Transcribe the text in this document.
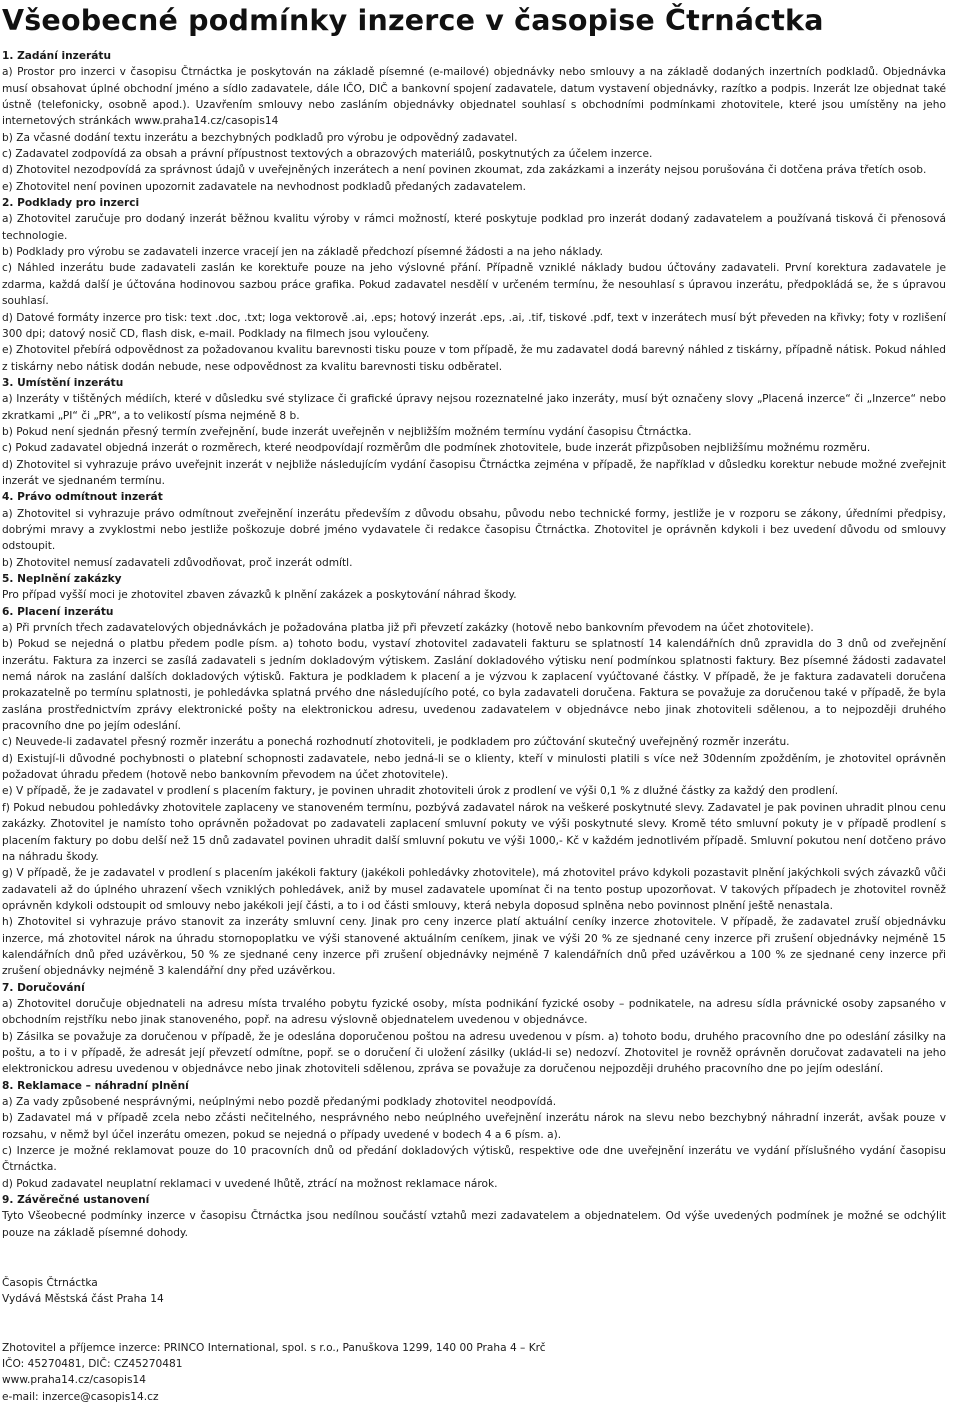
Všeobecné podmínky inzerce v časopise Čtrnáctka

1. Zadání inzerátu

a) Prostor pro inzerci v časopisu Čtrnáctka je poskytován na základě písemné (e-mailové) objednávky nebo smlouvy a na základě dodaných inzertních podkladů. Objednávka musí obsahovat úplné obchodní jméno a sídlo zadavatele, dále IČO, DIČ a bankovní spojení zadavatele, datum vystavení objednávky, razítko a podpis. Inzerát lze objednat také ústně (telefonicky, osobně apod.). Uzavřením smlouvy nebo zasláním objednávky objednatel souhlasí s obchodními podmínkami zhotovitele, které jsou umístěny na jeho internetových stránkách www.praha14.cz/casopis14

b) Za včasné dodání textu inzerátu a bezchybných podkladů pro výrobu je odpovědný zadavatel.

c) Zadavatel zodpovídá za obsah a právní přípustnost textových a obrazových materiálů, poskytnutých za účelem inzerce.

d) Zhotovitel nezodpovídá za správnost údajů v uveřejněných inzerátech a není povinen zkoumat, zda zakázkami a inzeráty nejsou porušována či dotčena práva třetích osob.

e) Zhotovitel není povinen upozornit zadavatele na nevhodnost podkladů předaných zadavatelem.

2. Podklady pro inzerci

a) Zhotovitel zaručuje pro dodaný inzerát běžnou kvalitu výroby v rámci možností, které poskytuje podklad pro inzerát dodaný zadavatelem a používaná tisková či přenosová technologie.

b) Podklady pro výrobu se zadavateli inzerce vracejí jen na základě předchozí písemné žádosti a na jeho náklady.

c) Náhled inzerátu bude zadavateli zaslán ke korektuře pouze na jeho výslovné přání. Případně vzniklé náklady budou účtovány zadavateli. První korektura zadavatele je zdarma, každá další je účtována hodinovou sazbou práce grafika. Pokud zadavatel nesdělí v určeném termínu, že nesouhlasí s úpravou inzerátu, předpokládá se, že s úpravou souhlasí.

d) Datové formáty inzerce pro tisk: text .doc, .txt; loga vektorově .ai, .eps; hotový inzerát .eps, .ai, .tif, tiskové .pdf, text v inzerátech musí být převeden na křivky; foty v rozlišení 300 dpi; datový nosič CD, flash disk, e-mail. Podklady na filmech jsou vyloučeny.

e) Zhotovitel přebírá odpovědnost za požadovanou kvalitu barevnosti tisku pouze v tom případě, že mu zadavatel dodá barevný náhled z tiskárny, případně nátisk. Pokud náhled z tiskárny nebo nátisk dodán nebude, nese odpovědnost za kvalitu barevnosti tisku odběratel.

3. Umístění inzerátu

a) Inzeráty v tištěných médiích, které v důsledku své stylizace či grafické úpravy nejsou rozeznatelné jako inzeráty, musí být označeny slovy „Placená inzerce“ či „Inzerce“ nebo zkratkami „PI“ či „PR“, a to velikostí písma nejméně 8 b.

b) Pokud není sjednán přesný termín zveřejnění, bude inzerát uveřejněn v nejbližším možném termínu vydání časopisu Čtrnáctka.

c) Pokud zadavatel objedná inzerát o rozměrech, které neodpovídají rozměrům dle podmínek zhotovitele, bude inzerát přizpůsoben nejbližšímu možnému rozměru.

d) Zhotovitel si vyhrazuje právo uveřejnit inzerát v nejbliže následujícím vydání časopisu Čtrnáctka zejména v případě, že například v důsledku korektur nebude možné zveřejnit inzerát ve sjednaném termínu.

4. Právo odmítnout inzerát

a) Zhotovitel si vyhrazuje právo odmítnout zveřejnění inzerátu především z důvodu obsahu, původu nebo technické formy, jestliže je v rozporu se zákony, úředními předpisy, dobrými mravy a zvyklostmi nebo jestliže poškozuje dobré jméno vydavatele či redakce časopisu Čtrnáctka. Zhotovitel je oprávněn kdykoli i bez uvedení důvodu od smlouvy odstoupit.

b) Zhotovitel nemusí zadavateli zdůvodňovat, proč inzerát odmítl.

5. Neplnění zakázky

Pro případ vyšší moci je zhotovitel zbaven závazků k plnění zakázek a poskytování náhrad škody.

6. Placení inzerátu

a) Při prvních třech zadavatelových objednávkách je požadována platba již při převzetí zakázky (hotově nebo bankovním převodem na účet zhotovitele).

b) Pokud se nejedná o platbu předem podle písm. a) tohoto bodu, vystaví zhotovitel zadavateli fakturu se splatností 14 kalendářních dnů zpravidla do 3 dnů od zveřejnění inzerátu. Faktura za inzerci se zasílá zadavateli s jedním dokladovým výtiskem. Zaslání dokladového výtisku není podmínkou splatnosti faktury. Bez písemné žádosti zadavatel nemá nárok na zaslání dalších dokladových výtisků. Faktura je podkladem k placení a je výzvou k zaplacení vyúčtované částky. V případě, že je faktura zadavateli doručena prokazatelně po termínu splatnosti, je pohledávka splatná prvého dne následujícího poté, co byla zadavateli doručena. Faktura se považuje za doručenou také v případě, že byla zaslána prostřednictvím zprávy elektronické pošty na elektronickou adresu, uvedenou zadavatelem v objednávce nebo jinak zhotoviteli sdělenou, a to nejpozději druhého pracovního dne po jejím odeslání.

c) Neuvede-li zadavatel přesný rozměr inzerátu a ponechá rozhodnutí zhotoviteli, je podkladem pro zúčtování skutečný uveřejněný rozměr inzerátu.

d) Existují-li důvodné pochybnosti o platební schopnosti zadavatele, nebo jedná-li se o klienty, kteří v minulosti platili s více než 30denním zpožděním, je zhotovitel oprávněn požadovat úhradu předem (hotově nebo bankovním převodem na účet zhotovitele).

e) V případě, že je zadavatel v prodlení s placením faktury, je povinen uhradit zhotoviteli úrok z prodlení ve výši 0,1 % z dlužné částky za každý den prodlení.

f) Pokud nebudou pohledávky zhotovitele zaplaceny ve stanoveném termínu, pozbývá zadavatel nárok na veškeré poskytnuté slevy. Zadavatel je pak povinen uhradit plnou cenu zakázky. Zhotovitel je namísto toho oprávněn požadovat po zadavateli zaplacení smluvní pokuty ve výši poskytnuté slevy. Kromě této smluvní pokuty je v případě prodlení s placením faktury po dobu delší než 15 dnů zadavatel povinen uhradit další smluvní pokutu ve výši 1000,- Kč v každém jednotlivém případě. Smluvní pokutou není dotčeno právo na náhradu škody.

g) V případě, že je zadavatel v prodlení s placením jakékoli faktury (jakékoli pohledávky zhotovitele), má zhotovitel právo kdykoli pozastavit plnění jakýchkoli svých závazků vůči zadavateli až do úplného uhrazení všech vzniklých pohledávek, aniž by musel zadavatele upomínat či na tento postup upozorňovat. V takových případech je zhotovitel rovněž oprávněn kdykoli odstoupit od smlouvy nebo jakékoli její části, a to i od části smlouvy, která nebyla doposud splněna nebo povinnost plnění ještě nenastala.

h) Zhotovitel si vyhrazuje právo stanovit za inzeráty smluvní ceny. Jinak pro ceny inzerce platí aktuální ceníky inzerce zhotovitele. V případě, že zadavatel zruší objednávku inzerce, má zhotovitel nárok na úhradu stornopoplatku ve výši stanovené aktuálním ceníkem, jinak ve výši 20 % ze sjednané ceny inzerce při zrušení objednávky nejméně 15 kalendářních dnů před uzávěrkou, 50 % ze sjednané ceny inzerce při zrušení objednávky nejméně 7 kalendářních dnů před uzávěrkou a 100 % ze sjednané ceny inzerce při zrušení objednávky nejméně 3 kalendářní dny před uzávěrkou.

7. Doručování

a) Zhotovitel doručuje objednateli na adresu místa trvalého pobytu fyzické osoby, místa podnikání fyzické osoby – podnikatele, na adresu sídla právnické osoby zapsaného v obchodním rejstříku nebo jinak stanoveného, popř. na adresu výslovně objednatelem uvedenou v objednávce.

b) Zásilka se považuje za doručenou v případě, že je odeslána doporučenou poštou na adresu uvedenou v písm. a) tohoto bodu, druhého pracovního dne po odeslání zásilky na poštu, a to i v případě, že adresát její převzetí odmítne, popř. se o doručení či uložení zásilky (uklád-li se) nedozví. Zhotovitel je rovněž oprávněn doručovat zadavateli na jeho elektronickou adresu uvedenou v objednávce nebo jinak zhotoviteli sdělenou, zpráva se považuje za doručenou nejpozději druhého pracovního dne po jejím odeslání.

8. Reklamace – náhradní plnění

a) Za vady způsobené nesprávnými, neúplnými nebo pozdě předanými podklady zhotovitel neodpovídá.

b) Zadavatel má v případě zcela nebo zčásti nečitelného, nesprávného nebo neúplného uveřejnění inzerátu nárok na slevu nebo bezchybný náhradní inzerát, avšak pouze v rozsahu, v němž byl účel inzerátu omezen, pokud se nejedná o případy uvedené v bodech 4 a 6 písm. a).

c) Inzerce je možné reklamovat pouze do 10 pracovních dnů od předání dokladových výtisků, respektive ode dne uveřejnění inzerátu ve vydání příslušného vydání časopisu Čtrnáctka.

d) Pokud zadavatel neuplatní reklamaci v uvedené lhůtě, ztrácí na možnost reklamace nárok.

9. Závěrečné ustanovení

Tyto Všeobecné podmínky inzerce v časopisu Čtrnáctka jsou nedílnou součástí vztahů mezi zadavatelem a objednatelem. Od výše uvedených podmínek je možné se odchýlit pouze na základě písemné dohody.

Časopis Čtrnáctka
Vydává Městská část Praha 14
Zhotovitel a příjemce inzerce: PRINCO International, spol. s r.o., Panuškova 1299, 140 00 Praha 4 – Krč
IČO: 45270481, DIČ: CZ45270481
www.praha14.cz/casopis14
e-mail: inzerce@casopis14.cz
